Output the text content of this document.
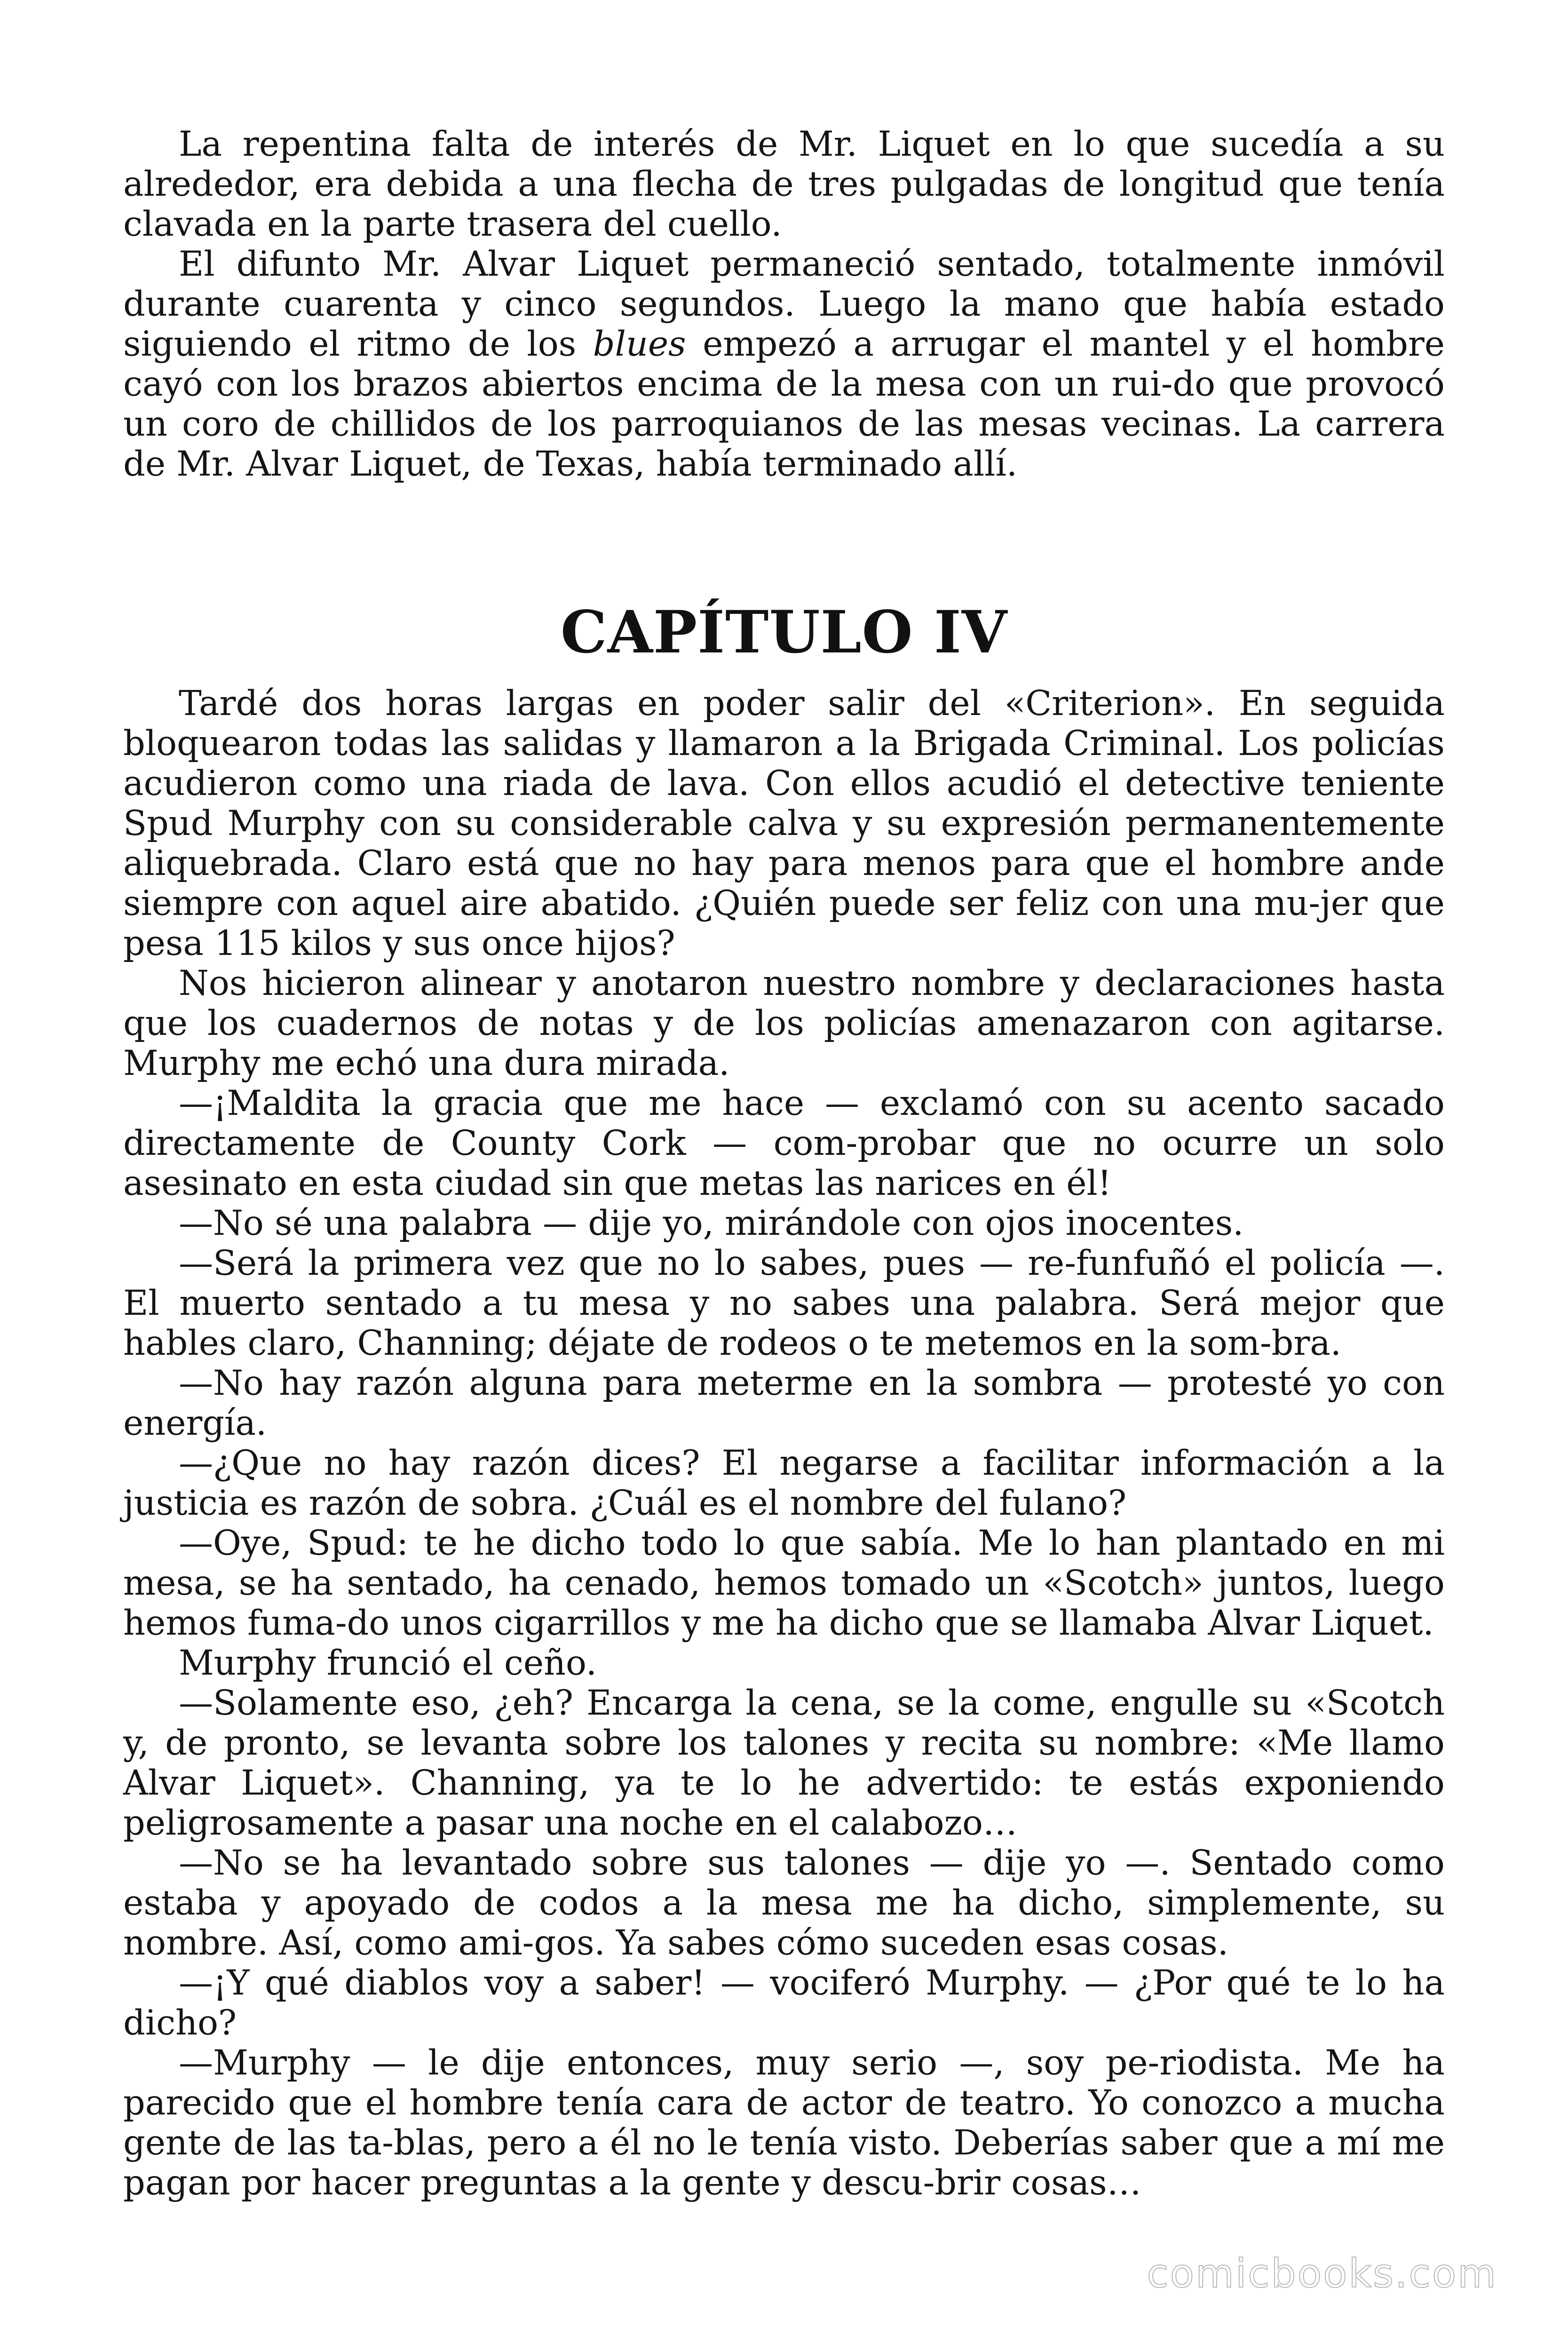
La repentina falta de interés de Mr. Liquet en lo que sucedía a su alrededor, era debida a una flecha de tres pulgadas de longitud que tenía clavada en la parte trasera del cuello.

El difunto Mr. Alvar Liquet permaneció sentado, totalmente inmóvil durante cuarenta y cinco segundos. Luego la mano que había estado siguiendo el ritmo de los blues empezó a arrugar el mantel y el hombre cayó con los brazos abiertos encima de la mesa con un rui-do que provocó un coro de chillidos de los parroquianos de las mesas vecinas. La carrera de Mr. Alvar Liquet, de Texas, había terminado allí.

CAPÍTULO IV

Tardé dos horas largas en poder salir del «Criterion». En seguida bloquearon todas las salidas y llamaron a la Brigada Criminal. Los policías acudieron como una riada de lava. Con ellos acudió el detective teniente Spud Murphy con su considerable calva y su expresión permanentemente aliquebrada. Claro está que no hay para menos para que el hombre ande siempre con aquel aire abatido. ¿Quién puede ser feliz con una mu-jer que pesa 115 kilos y sus once hijos?

Nos hicieron alinear y anotaron nuestro nombre y declaraciones hasta que los cuadernos de notas y de los policías amenazaron con agitarse. Murphy me echó una dura mirada.

—¡Maldita la gracia que me hace — exclamó con su acento sacado directamente de County Cork — com-probar que no ocurre un solo asesinato en esta ciudad sin que metas las narices en él!

—No sé una palabra — dije yo, mirándole con ojos inocentes.

—Será la primera vez que no lo sabes, pues — re-funfuñó el policía —. El muerto sentado a tu mesa y no sabes una palabra. Será mejor que hables claro, Channing; déjate de rodeos o te metemos en la som-bra.

—No hay razón alguna para meterme en la sombra — protesté yo con energía.

—¿Que no hay razón dices? El negarse a facilitar información a la justicia es razón de sobra. ¿Cuál es el nombre del fulano?

—Oye, Spud: te he dicho todo lo que sabía. Me lo han plantado en mi mesa, se ha sentado, ha cenado, hemos tomado un «Scotch» juntos, luego hemos fuma-do unos cigarrillos y me ha dicho que se llamaba Alvar Liquet.

Murphy frunció el ceño.

—Solamente eso, ¿eh? Encarga la cena, se la come, engulle su «Scotch y, de pronto, se levanta sobre los talones y recita su nombre: «Me llamo Alvar Liquet». Channing, ya te lo he advertido: te estás exponiendo peligrosamente a pasar una noche en el calabozo…

—No se ha levantado sobre sus talones — dije yo —. Sentado como estaba y apoyado de codos a la mesa me ha dicho, simplemente, su nombre. Así, como ami-gos. Ya sabes cómo suceden esas cosas.

—¡Y qué diablos voy a saber! — vociferó Murphy. — ¿Por qué te lo ha dicho?

—Murphy — le dije entonces, muy serio —, soy pe-riodista. Me ha parecido que el hombre tenía cara de actor de teatro. Yo conozco a mucha gente de las ta-blas, pero a él no le tenía visto. Deberías saber que a mí me pagan por hacer preguntas a la gente y descu-brir cosas…

comicbooks.com
